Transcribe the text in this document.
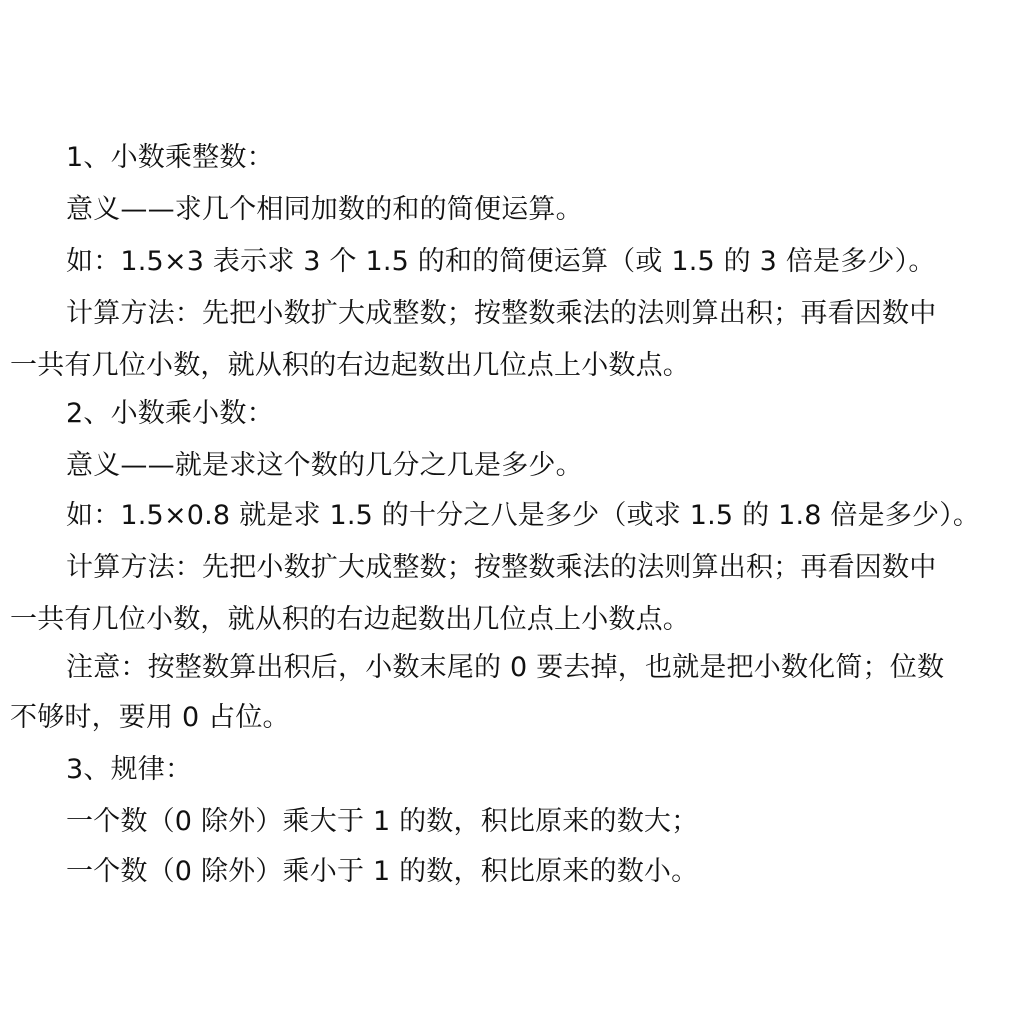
1、小数乘整数：
意义——求几个相同加数的和的简便运算。
如：1.5×3 表示求 3 个 1.5 的和的简便运算（或 1.5 的 3 倍是多少）。
计算方法：先把小数扩大成整数；按整数乘法的法则算出积；再看因数中
一共有几位小数，就从积的右边起数出几位点上小数点。
2、小数乘小数：
意义——就是求这个数的几分之几是多少。
如：1.5×0.8 就是求 1.5 的十分之八是多少（或求 1.5 的 1.8 倍是多少）。
计算方法：先把小数扩大成整数；按整数乘法的法则算出积；再看因数中
一共有几位小数，就从积的右边起数出几位点上小数点。
注意：按整数算出积后，小数末尾的 0 要去掉，也就是把小数化简；位数
不够时，要用 0 占位。
3、规律：
一个数（0 除外）乘大于 1 的数，积比原来的数大；
一个数（0 除外）乘小于 1 的数，积比原来的数小。
